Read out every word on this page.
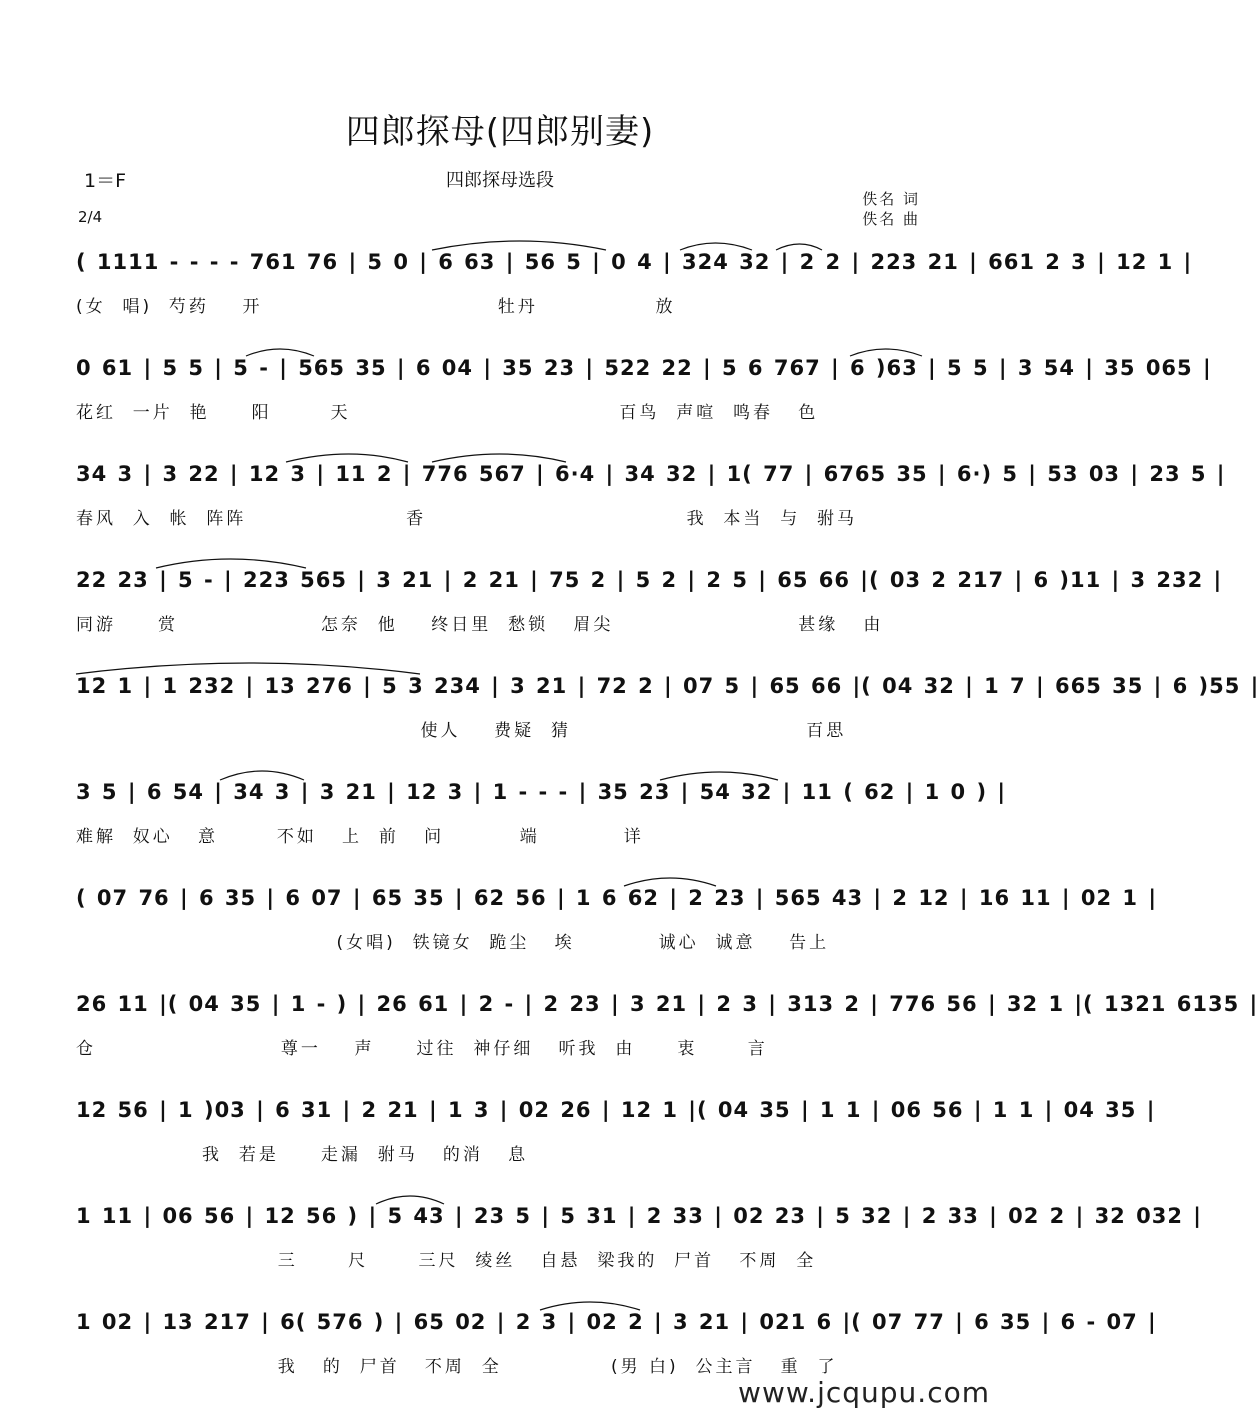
四郎探母(四郎别妻)
1＝F	四郎探母选段
2/4
佚名 词
佚名 曲
( 1111 - - - - 761 76 | 5 0 | 6 63 | 56 5 | 0 4 | 324 32 | 2 2 | 223 21 | 661 2 3 | 12 1 |
(女  唱)  芍药    开                            牡丹              放
0 61 | 5 5 | 5 - | 565 35 | 6 04 | 35 23 | 522 22 | 5 6 767 | 6 )63 | 5 5 | 3 54 | 35 065 |
花红  一片  艳     阳       天                                百鸟  声喧  鸣春   色
34 3 | 3 22 | 12 3 | 11 2 | 776 567 | 6·4 | 34 32 | 1( 77 | 6765 35 | 6·) 5 | 53 03 | 23 5 |
春风  入  帐  阵阵                   香                               我  本当  与  驸马
22 23 | 5 - | 223 565 | 3 21 | 2 21 | 75 2 | 5 2 | 2 5 | 65 66 |( 03 2 217 | 6 )11 | 3 232 |
同游     赏                 怎奈  他    终日里  愁锁   眉尖                      甚缘   由
12 1 | 1 232 | 13 276 | 5 3 234 | 3 21 | 72 2 | 07 5 | 65 66 |( 04 32 | 1 7 | 665 35 | 6 )55 |
使人    费疑  猜                            百思
3 5 | 6 54 | 34 3 | 3 21 | 12 3 | 1 - - - | 35 23 | 54 32 | 11 ( 62 | 1 0 ) |
难解  奴心   意       不如   上  前   问         端          详
( 07 76 | 6 35 | 6 07 | 65 35 | 62 56 | 1 6 62 | 2 23 | 565 43 | 2 12 | 16 11 | 02 1 |
(女唱)  铁镜女  跪尘   埃          诚心  诚意    告上
26 11 |( 04 35 | 1 - ) | 26 61 | 2 - | 2 23 | 3 21 | 2 3 | 313 2 | 776 56 | 32 1 |( 1321 6135 |
仓                      尊一    声     过往  神仔细   听我  由     衷      言
12 56 | 1 )03 | 6 31 | 2 21 | 1 3 | 02 26 | 12 1 |( 04 35 | 1 1 | 06 56 | 1 1 | 04 35 |
我  若是     走漏  驸马   的消   息
1 11 | 06 56 | 12 56 ) | 5 43 | 23 5 | 5 31 | 2 33 | 02 23 | 5 32 | 2 33 | 02 2 | 32 032 |
三      尺      三尺  绫丝   自悬  梁我的  尸首   不周  全
1 02 | 13 217 | 6( 576 ) | 65 02 | 2 3 | 02 2 | 3 21 | 021 6 |( 07 77 | 6 35 | 6 - 07 |
我   的  尸首   不周  全             (男 白)  公主言   重  了
www.jcqupu.com
